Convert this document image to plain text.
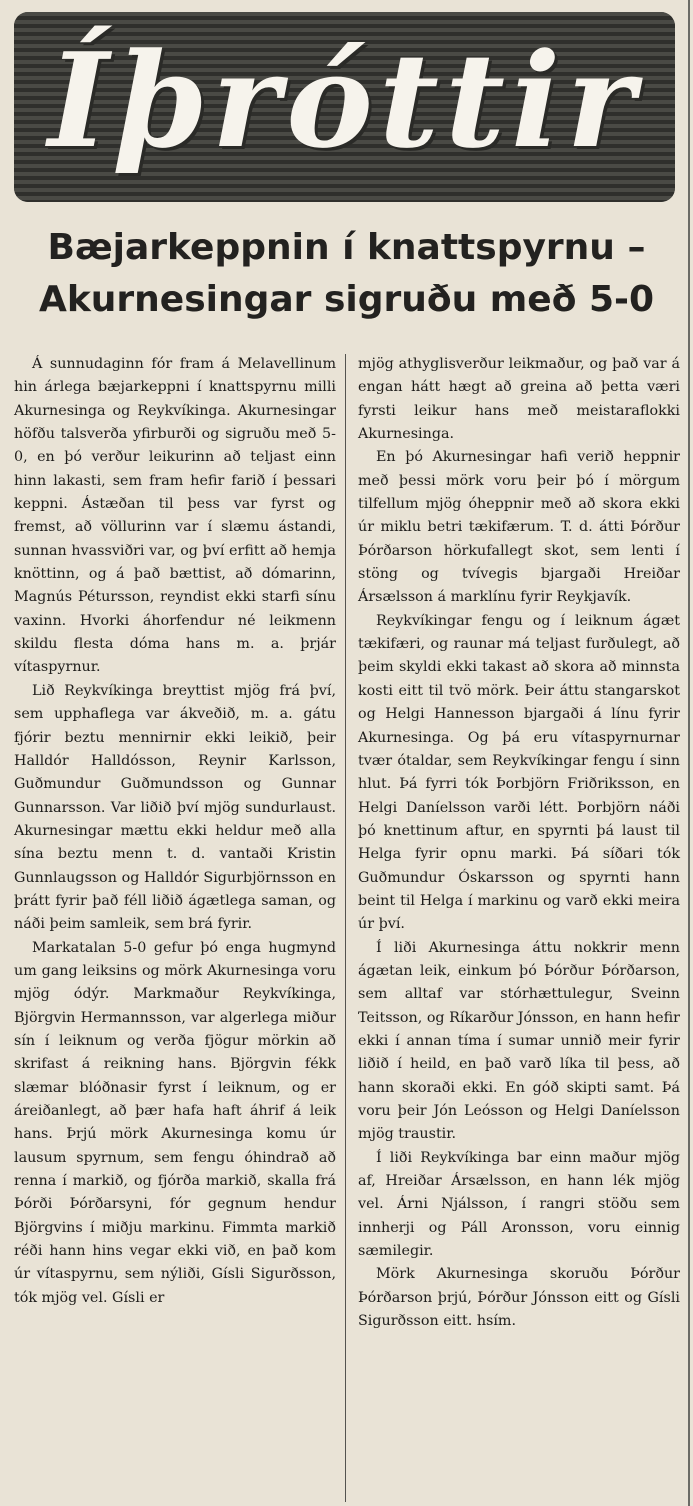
Íþróttir
Bæjarkeppnin í knattspyrnu –
Akurnesingar sigruðu með 5-0

Á sunnudaginn fór fram á Melavellinum hin árlega bæjarkeppni í knattspyrnu milli Akurnesinga og Reykvíkinga. Akurnesingar höfðu talsverða yfirburði og sigruðu með 5-0, en þó verður leikurinn að teljast einn hinn lakasti, sem fram hefir farið í þessari keppni. Ástæðan til þess var fyrst og fremst, að völlurinn var í slæmu ástandi, sunnan hvassviðri var, og því erfitt að hemja knöttinn, og á það bættist, að dómarinn, Magnús Pétursson, reyndist ekki starfi sínu vaxinn. Hvorki áhorfendur né leikmenn skildu flesta dóma hans m. a. þrjár vítaspyrnur.

Lið Reykvíkinga breyttist mjög frá því, sem upphaflega var ákveðið, m. a. gátu fjórir beztu mennirnir ekki leikið, þeir Halldór Halldósson, Reynir Karlsson, Guðmundur Guðmundsson og Gunnar Gunnarsson. Var liðið því mjög sundurlaust. Akurnesingar mættu ekki heldur með alla sína beztu menn t. d. vantaði Kristin Gunnlaugsson og Halldór Sigurbjörnsson en þrátt fyrir það féll liðið ágætlega saman, og náði þeim samleik, sem brá fyrir.

Markatalan 5-0 gefur þó enga hugmynd um gang leiksins og mörk Akurnesinga voru mjög ódýr. Markmaður Reykvíkinga, Björgvin Hermannsson, var algerlega miður sín í leiknum og verða fjögur mörkin að skrifast á reikning hans. Björgvin fékk slæmar blóðnasir fyrst í leiknum, og er áreiðanlegt, að þær hafa haft áhrif á leik hans. Þrjú mörk Akurnesinga komu úr lausum spyrnum, sem fengu óhindrað að renna í markið, og fjórða markið, skalla frá Þórði Þórðarsyni, fór gegnum hendur Björgvins í miðju markinu. Fimmta markið réði hann hins vegar ekki við, en það kom úr vítaspyrnu, sem nýliði, Gísli Sigurðsson, tók mjög vel. Gísli er

mjög athyglisverður leikmaður, og það var á engan hátt hægt að greina að þetta væri fyrsti leikur hans með meistaraflokki Akurnesinga.

En þó Akurnesingar hafi verið heppnir með þessi mörk voru þeir þó í mörgum tilfellum mjög óheppnir með að skora ekki úr miklu betri tækifærum. T. d. átti Þórður Þórðarson hörkufallegt skot, sem lenti í stöng og tvívegis bjargaði Hreiðar Ársælsson á marklínu fyrir Reykjavík.

Reykvíkingar fengu og í leiknum ágæt tækifæri, og raunar má teljast furðulegt, að þeim skyldi ekki takast að skora að minnsta kosti eitt til tvö mörk. Þeir áttu stangarskot og Helgi Hannesson bjargaði á línu fyrir Akurnesinga. Og þá eru vítaspyrnurnar tvær ótaldar, sem Reykvíkingar fengu í sinn hlut. Þá fyrri tók Þorbjörn Friðriksson, en Helgi Daníelsson varði létt. Þorbjörn náði þó knettinum aftur, en spyrnti þá laust til Helga fyrir opnu marki. Þá síðari tók Guðmundur Óskarsson og spyrnti hann beint til Helga í markinu og varð ekki meira úr því.

Í liði Akurnesinga áttu nokkrir menn ágætan leik, einkum þó Þórður Þórðarson, sem alltaf var stórhættulegur, Sveinn Teitsson, og Ríkarður Jónsson, en hann hefir ekki í annan tíma í sumar unnið meir fyrir liðið í heild, en það varð líka til þess, að hann skoraði ekki. En góð skipti samt. Þá voru þeir Jón Leósson og Helgi Daníelsson mjög traustir.

Í liði Reykvíkinga bar einn maður mjög af, Hreiðar Ársælsson, en hann lék mjög vel. Árni Njálsson, í rangri stöðu sem innherji og Páll Aronsson, voru einnig sæmilegir.

Mörk Akurnesinga skoruðu Þórður Þórðarson þrjú, Þórður Jónsson eitt og Gísli Sigurðsson eitt. hsím.
